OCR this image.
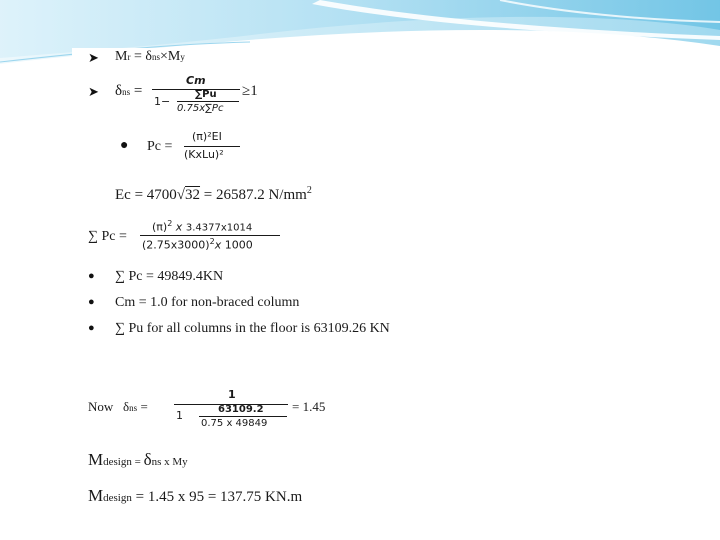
➤ Mr = δns×My
➤ δns =
Cm
1−
∑Pu
0.75x∑Pc
≥1
● Pc =
(π)²EI
(KxLu)²
Ec = 4700√32 = 26587.2 $N/mm^2$
∑ Pc =
$(\pi)^2$ x 3.4377x1014
$(2.75x3000)^2x$ 1000
● ∑ Pc = 49849.4KN
● Cm = 1.0 for non-braced column
● ∑ Pu for all columns in the floor is 63109.26 KN
Now δns =
1
1	63109.2
0.75 x 49849
= 1.45
Mdesign = δns x My
Mdesign = 1.45 x 95 = 137.75 KN.m
